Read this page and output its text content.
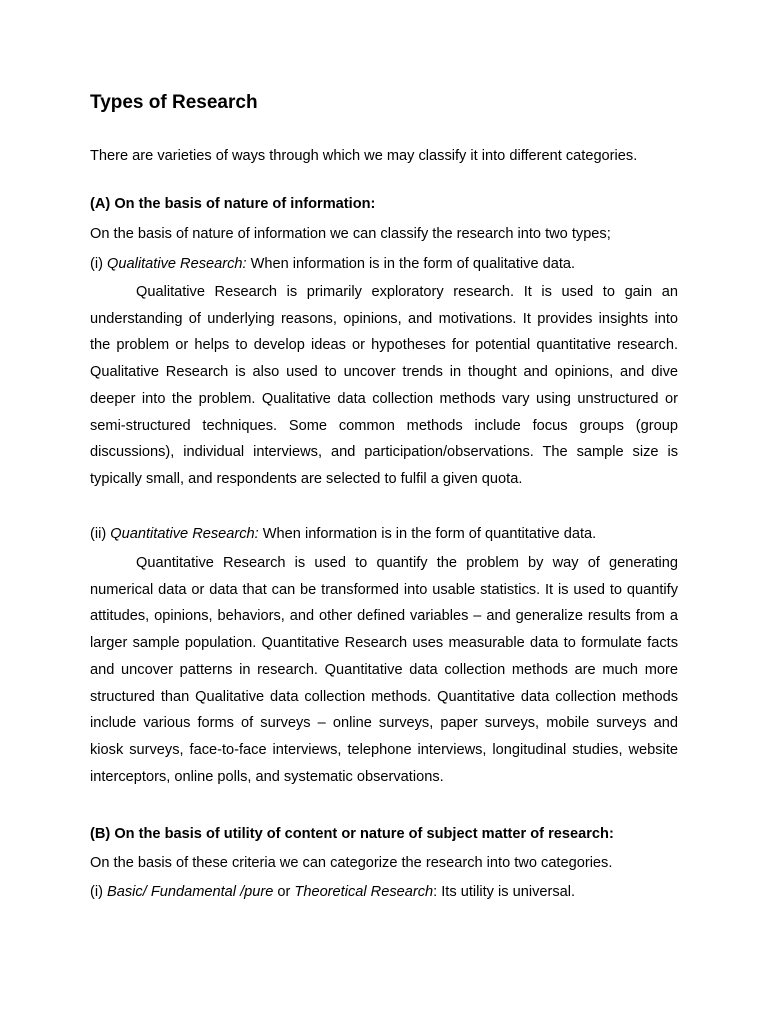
Types of Research

There are varieties of ways through which we may classify it into different categories.

(A) On the basis of nature of information:

On the basis of nature of information we can classify the research into two types;

(i) Qualitative Research: When information is in the form of qualitative data.

Qualitative Research is primarily exploratory research. It is used to gain an understanding of underlying reasons, opinions, and motivations. It provides insights into the problem or helps to develop ideas or hypotheses for potential quantitative research. Qualitative Research is also used to uncover trends in thought and opinions, and dive deeper into the problem. Qualitative data collection methods vary using unstructured or semi-structured techniques. Some common methods include focus groups (group discussions), individual interviews, and participation/observations. The sample size is typically small, and respondents are selected to fulfil a given quota.

(ii) Quantitative Research: When information is in the form of quantitative data.

Quantitative Research is used to quantify the problem by way of generating numerical data or data that can be transformed into usable statistics. It is used to quantify attitudes, opinions, behaviors, and other defined variables – and generalize results from a larger sample population. Quantitative Research uses measurable data to formulate facts and uncover patterns in research. Quantitative data collection methods are much more structured than Qualitative data collection methods. Quantitative data collection methods include various forms of surveys – online surveys, paper surveys, mobile surveys and kiosk surveys, face-to-face interviews, telephone interviews, longitudinal studies, website interceptors, online polls, and systematic observations.

(B) On the basis of utility of content or nature of subject matter of research:

On the basis of these criteria we can categorize the research into two categories.

(i) Basic/ Fundamental /pure or Theoretical Research: Its utility is universal.
